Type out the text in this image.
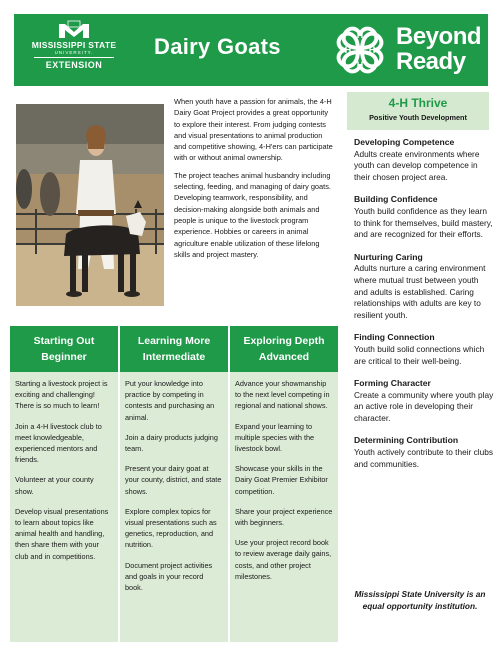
MISSISSIPPI STATE
UNIVERSITY.
EXTENSION
Dairy Goats	H
H
H
H Beyond
Ready

When youth have a passion for animals, the 4-H Dairy Goat Project provides a great opportunity to explore their interest. From judging contests and visual presentations to animal production and competitive showing, 4-H'ers can participate with or without animal ownership.

The project teaches animal husbandry including selecting, feeding, and managing of dairy goats. Developing teamwork, responsibility, and decision-making alongside both animals and people is unique to the livestock program experience. Hobbies or careers in animal agriculture enable utilization of these lifelong skills and project mastery.

4-H Thrive
Positive Youth Development
Developing Competence
Adults create environments where youth can develop competence in their chosen project area.
Building Confidence
Youth build confidence as they learn to think for themselves, build mastery, and are recognized for their efforts.
Nurturing Caring
Adults nurture a caring environment where mutual trust between youth and adults is established. Caring relationships with adults are key to resilient youth.
Finding Connection
Youth build solid connections which are critical to their well-being.
Forming Character
Create a community where youth play an active role in developing their character.
Determining Contribution
Youth actively contribute to their clubs and communities.
Mississippi State University is an equal opportunity institution.
Starting Out
Beginner

Starting a livestock project is exciting and challenging! There is so much to learn!

Join a 4-H livestock club to meet knowledgeable, experienced mentors and friends.

Volunteer at your county show.

Develop visual presentations to learn about topics like animal health and handling, then share them with your club and in competitions.

Learning More
Intermediate

Put your knowledge into practice by competing in contests and purchasing an animal.

Join a dairy products judging team.

Present your dairy goat at your county, district, and state shows.

Explore complex topics for visual presentations such as genetics, reproduction, and nutrition.

Document project activities and goals in your record book.

Exploring Depth
Advanced

Advance your showmanship to the next level competing in regional and national shows.

Expand your learning to multiple species with the livestock bowl.

Showcase your skills in the Dairy Goat Premier Exhibitor competition.

Share your project experience with beginners.

Use your project record book to review average daily gains, costs, and other project milestones.
